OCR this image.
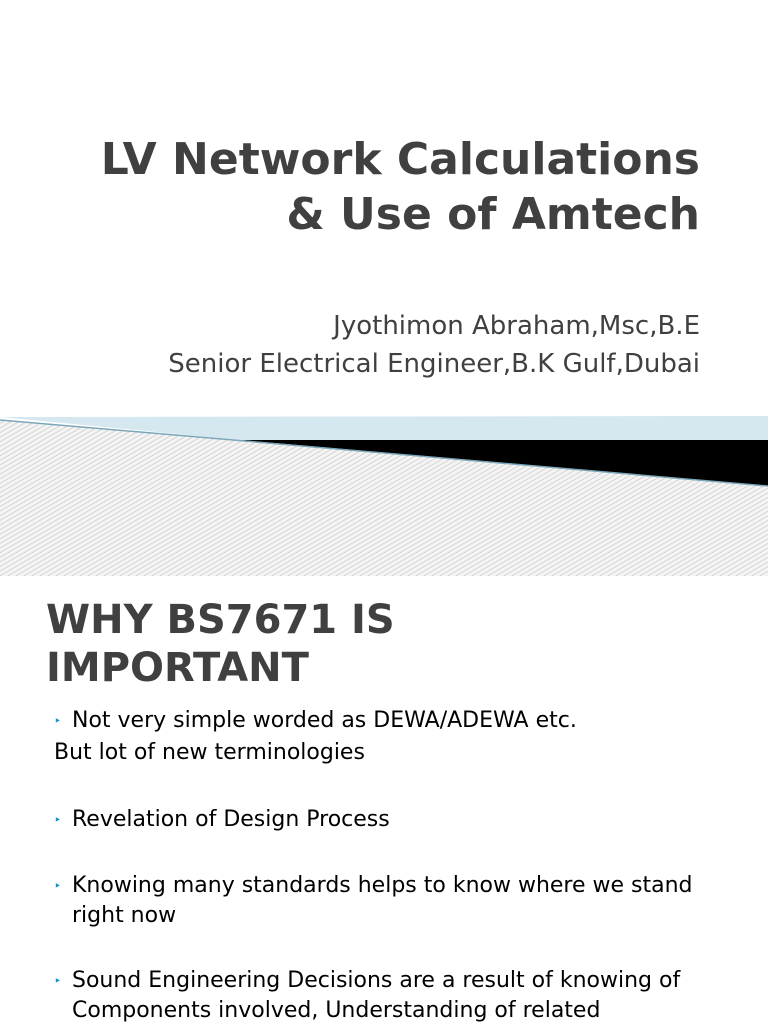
LV Network Calculations
& Use of Amtech
Jyothimon Abraham,Msc,B.E
Senior Electrical Engineer,B.K Gulf,Dubai
WHY BS7671 IS
IMPORTANT
‣ Not very simple worded as DEWA/ADEWA etc.
But lot of new terminologies
‣ Revelation of Design Process
‣ Knowing many standards helps to know where we stand right now
‣ Sound Engineering Decisions are a result of knowing of Components involved, Understanding of related
